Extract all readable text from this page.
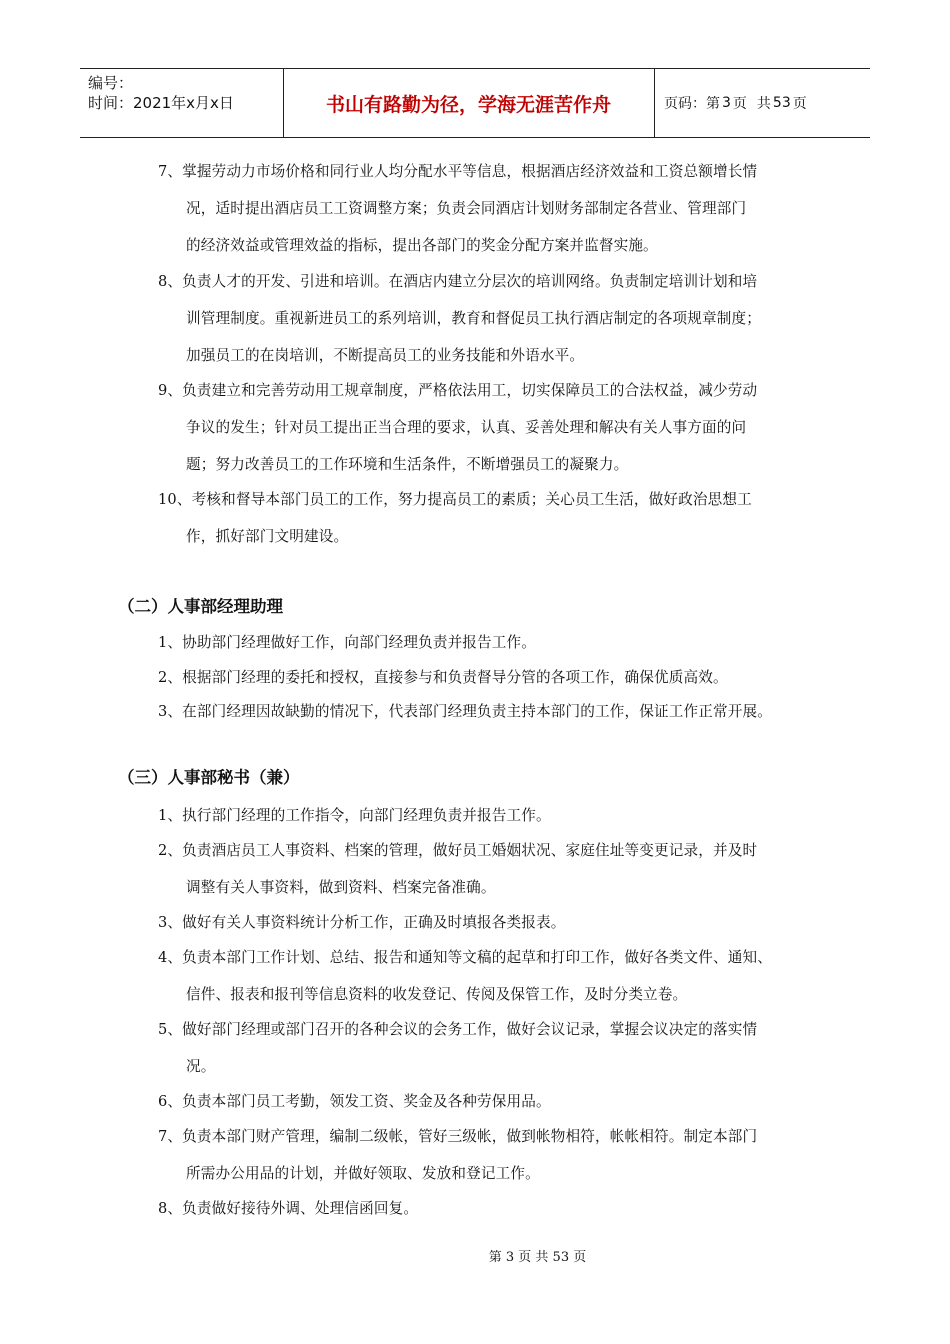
编号：
时间：2021年x月x日	书山有路勤为径，学海无涯苦作舟	页码：第 3 页 共 53 页
7、掌握劳动力市场价格和同行业人均分配水平等信息，根据酒店经济效益和工资总额增长情
况，适时提出酒店员工工资调整方案；负责会同酒店计划财务部制定各营业、管理部门
的经济效益或管理效益的指标，提出各部门的奖金分配方案并监督实施。
8、负责人才的开发、引进和培训。在酒店内建立分层次的培训网络。负责制定培训计划和培
训管理制度。重视新进员工的系列培训，教育和督促员工执行酒店制定的各项规章制度；
加强员工的在岗培训，不断提高员工的业务技能和外语水平。
9、负责建立和完善劳动用工规章制度，严格依法用工，切实保障员工的合法权益，减少劳动
争议的发生；针对员工提出正当合理的要求，认真、妥善处理和解决有关人事方面的问
题；努力改善员工的工作环境和生活条件，不断增强员工的凝聚力。
10、考核和督导本部门员工的工作，努力提高员工的素质；关心员工生活，做好政治思想工
作，抓好部门文明建设。
（二）人事部经理助理
1、协助部门经理做好工作，向部门经理负责并报告工作。
2、根据部门经理的委托和授权，直接参与和负责督导分管的各项工作，确保优质高效。
3、在部门经理因故缺勤的情况下，代表部门经理负责主持本部门的工作，保证工作正常开展。
（三）人事部秘书（兼）
1、执行部门经理的工作指令，向部门经理负责并报告工作。
2、负责酒店员工人事资料、档案的管理，做好员工婚姻状况、家庭住址等变更记录，并及时
调整有关人事资料，做到资料、档案完备准确。
3、做好有关人事资料统计分析工作，正确及时填报各类报表。
4、负责本部门工作计划、总结、报告和通知等文稿的起草和打印工作，做好各类文件、通知、
信件、报表和报刊等信息资料的收发登记、传阅及保管工作，及时分类立卷。
5、做好部门经理或部门召开的各种会议的会务工作，做好会议记录，掌握会议决定的落实情
况。
6、负责本部门员工考勤，领发工资、奖金及各种劳保用品。
7、负责本部门财产管理，编制二级帐，管好三级帐，做到帐物相符，帐帐相符。制定本部门
所需办公用品的计划，并做好领取、发放和登记工作。
8、负责做好接待外调、处理信函回复。
第 3 页 共 53 页
